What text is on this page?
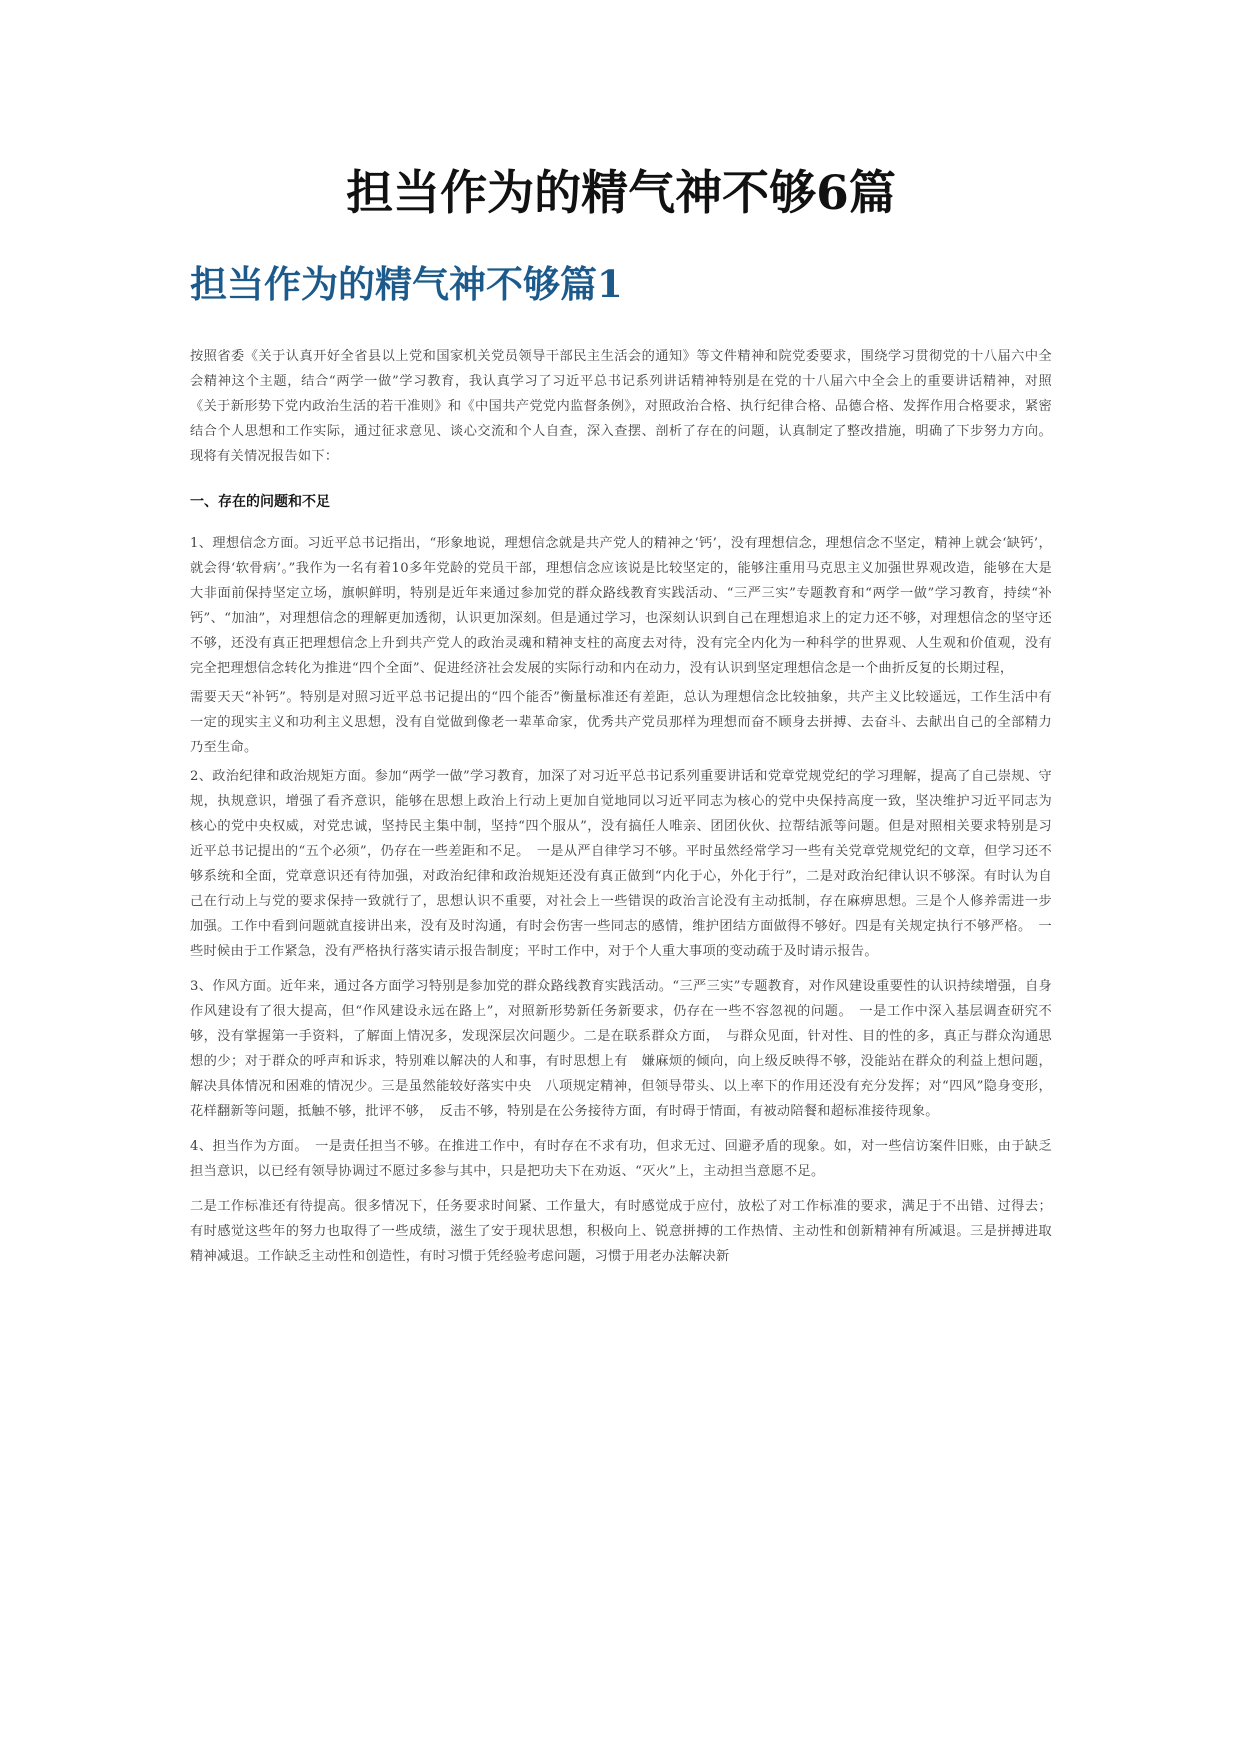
担当作为的精气神不够6篇
担当作为的精气神不够篇1

按照省委《关于认真开好全省县以上党和国家机关党员领导干部民主生活会的通知》等文件精神和院党委要求，围绕学习贯彻党的十八届六中全会精神这个主题，结合“两学一做”学习教育，我认真学习了习近平总书记系列讲话精神特别是在党的十八届六中全会上的重要讲话精神，对照《关于新形势下党内政治生活的若干准则》和《中国共产党党内监督条例》，对照政治合格、执行纪律合格、品德合格、发挥作用合格要求，紧密结合个人思想和工作实际，通过征求意见、谈心交流和个人自查，深入查摆、剖析了存在的问题，认真制定了整改措施，明确了下步努力方向。现将有关情况报告如下：

一、存在的问题和不足

1、理想信念方面。习近平总书记指出，“形象地说，理想信念就是共产党人的精神之‘钙’，没有理想信念，理想信念不坚定，精神上就会‘缺钙’，就会得‘软骨病’。”我作为一名有着10多年党龄的党员干部，理想信念应该说是比较坚定的，能够注重用马克思主义加强世界观改造，能够在大是大非面前保持坚定立场，旗帜鲜明，特别是近年来通过参加党的群众路线教育实践活动、“三严三实”专题教育和“两学一做”学习教育，持续“补钙”、“加油”，对理想信念的理解更加透彻，认识更加深刻。但是通过学习，也深刻认识到自己在理想追求上的定力还不够，对理想信念的坚守还不够，还没有真正把理想信念上升到共产党人的政治灵魂和精神支柱的高度去对待，没有完全内化为一种科学的世界观、人生观和价值观，没有完全把理想信念转化为推进“四个全面”、促进经济社会发展的实际行动和内在动力，没有认识到坚定理想信念是一个曲折反复的长期过程，

需要天天“补钙”。特别是对照习近平总书记提出的“四个能否”衡量标准还有差距，总认为理想信念比较抽象，共产主义比较遥远，工作生活中有一定的现实主义和功利主义思想，没有自觉做到像老一辈革命家，优秀共产党员那样为理想而奋不顾身去拼搏、去奋斗、去献出自己的全部精力乃至生命。

2、政治纪律和政治规矩方面。参加“两学一做”学习教育，加深了对习近平总书记系列重要讲话和党章党规党纪的学习理解，提高了自己崇规、守规，执规意识，增强了看齐意识，能够在思想上政治上行动上更加自觉地同以习近平同志为核心的党中央保持高度一致，坚决维护习近平同志为核心的党中央权威，对党忠诚，坚持民主集中制，坚持“四个服从”，没有搞任人唯亲、团团伙伙、拉帮结派等问题。但是对照相关要求特别是习近平总书记提出的“五个必须”，仍存在一些差距和不足。　一是从严自律学习不够。平时虽然经常学习一些有关党章党规党纪的文章，但学习还不够系统和全面，党章意识还有待加强，对政治纪律和政治规矩还没有真正做到“内化于心，外化于行”，二是对政治纪律认识不够深。有时认为自己在行动上与党的要求保持一致就行了，思想认识不重要，对社会上一些错误的政治言论没有主动抵制，存在麻痹思想。三是个人修养需进一步加强。工作中看到问题就直接讲出来，没有及时沟通，有时会伤害一些同志的感情，维护团结方面做得不够好。四是有关规定执行不够严格。　一些时候由于工作紧急，没有严格执行落实请示报告制度；平时工作中，对于个人重大事项的变动疏于及时请示报告。

3、作风方面。近年来，通过各方面学习特别是参加党的群众路线教育实践活动。“三严三实”专题教育，对作风建设重要性的认识持续增强，自身作风建设有了很大提高，但“作风建设永远在路上”，对照新形势新任务新要求，仍存在一些不容忽视的问题。　一是工作中深入基层调查研究不够，没有掌握第一手资料，了解面上情况多，发现深层次问题少。二是在联系群众方面，　与群众见面，针对性、目的性的多，真正与群众沟通思想的少；对于群众的呼声和诉求，特别难以解决的人和事，有时思想上有　嫌麻烦的倾向，向上级反映得不够，没能站在群众的利益上想问题，解决具体情况和困难的情况少。三是虽然能较好落实中央　八项规定精神，但领导带头、以上率下的作用还没有充分发挥；对“四风”隐身变形，花样翻新等问题，抵触不够，批评不够，　反击不够，特别是在公务接待方面，有时碍于情面，有被动陪餐和超标准接待现象。

4、担当作为方面。　一是责任担当不够。在推进工作中，有时存在不求有功，但求无过、回避矛盾的现象。如，对一些信访案件旧账，由于缺乏担当意识，以已经有领导协调过不愿过多参与其中，只是把功夫下在劝返、“灭火”上，主动担当意愿不足。

二是工作标准还有待提高。很多情况下，任务要求时间紧、工作量大，有时感觉成于应付，放松了对工作标准的要求，满足于不出错、过得去；有时感觉这些年的努力也取得了一些成绩，滋生了安于现状思想，积极向上、锐意拼搏的工作热情、主动性和创新精神有所减退。三是拼搏进取精神减退。工作缺乏主动性和创造性，有时习惯于凭经验考虑问题，习惯于用老办法解决新
